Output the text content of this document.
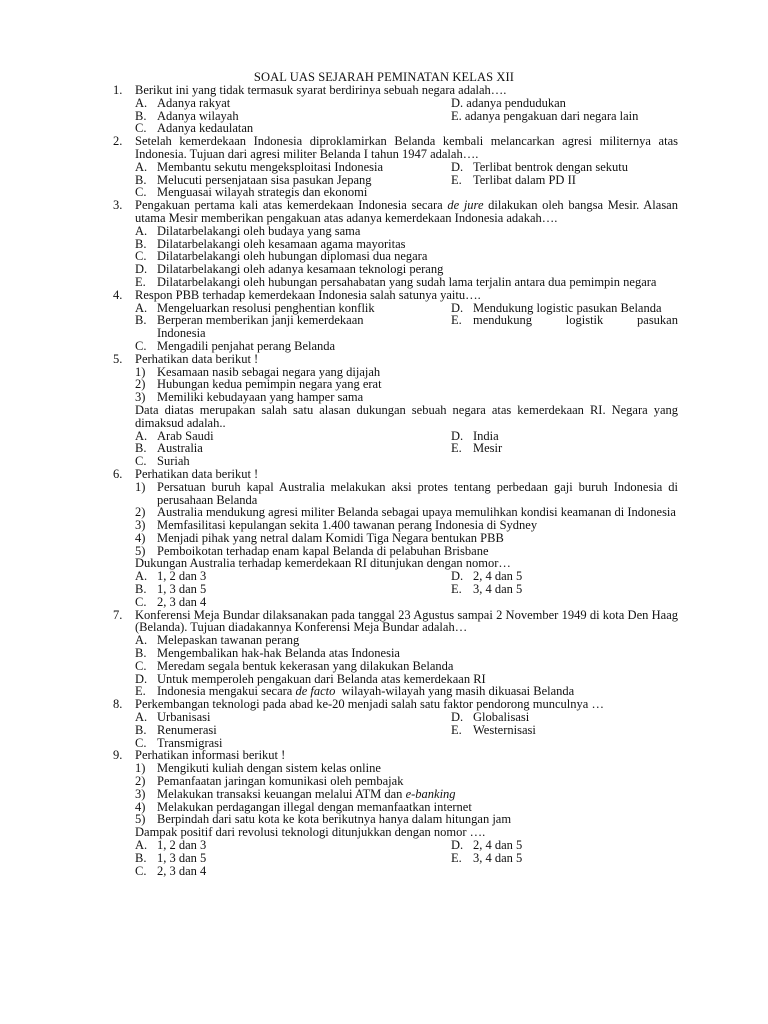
SOAL UAS SEJARAH PEMINATAN KELAS XII
1. Berikut ini yang tidak termasuk syarat berdirinya sebuah negara adalah….
A. Adanya rakyat	D. adanya pendudukan
B. Adanya wilayah	E. adanya pengakuan dari negara lain
C. Adanya kedaulatan
2. Setelah kemerdekaan Indonesia diproklamirkan Belanda kembali melancarkan agresi militernya atas Indonesia. Tujuan dari agresi militer Belanda I tahun 1947 adalah….
A. Membantu sekutu mengeksploitasi Indonesia	D. Terlibat bentrok dengan sekutu
B. Melucuti persenjataan sisa pasukan Jepang	E. Terlibat dalam PD II
C. Menguasai wilayah strategis dan ekonomi
3. Pengakuan pertama kali atas kemerdekaan Indonesia secara de jure dilakukan oleh bangsa Mesir. Alasan utama Mesir memberikan pengakuan atas adanya kemerdekaan Indonesia adakah….
A. Dilatarbelakangi oleh budaya yang sama
B. Dilatarbelakangi oleh kesamaan agama mayoritas
C. Dilatarbelakangi oleh hubungan diplomasi dua negara
D. Dilatarbelakangi oleh adanya kesamaan teknologi perang
E. Dilatarbelakangi oleh hubungan persahabatan yang sudah lama terjalin antara dua pemimpin negara
4. Respon PBB terhadap kemerdekaan Indonesia salah satunya yaitu….
A. Mengeluarkan resolusi penghentian konflik	D. Mendukung logistic pasukan Belanda
B. Berperan memberikan janji kemerdekaan	E. mendukung	logistik	pasukan
Indonesia
C. Mengadili penjahat perang Belanda
5. Perhatikan data berikut !
1) Kesamaan nasib sebagai negara yang dijajah
2) Hubungan kedua pemimpin negara yang erat
3) Memiliki kebudayaan yang hamper sama
Data diatas merupakan salah satu alasan dukungan sebuah negara atas kemerdekaan RI. Negara yang dimaksud adalah..
A. Arab Saudi	D. India
B. Australia	E. Mesir
C. Suriah
6. Perhatikan data berikut !
1) Persatuan buruh kapal Australia melakukan aksi protes tentang perbedaan gaji buruh Indonesia di perusahaan Belanda
2) Australia mendukung agresi militer Belanda sebagai upaya memulihkan kondisi keamanan di Indonesia
3) Memfasilitasi kepulangan sekita 1.400 tawanan perang Indonesia di Sydney
4) Menjadi pihak yang netral dalam Komidi Tiga Negara bentukan PBB
5) Pemboikotan terhadap enam kapal Belanda di pelabuhan Brisbane
Dukungan Australia terhadap kemerdekaan RI ditunjukan dengan nomor…
A. 1, 2 dan 3	D. 2, 4 dan 5
B. 1, 3 dan 5	E. 3, 4 dan 5
C. 2, 3 dan 4
7. Konferensi Meja Bundar dilaksanakan pada tanggal 23 Agustus sampai 2 November 1949 di kota Den Haag (Belanda). Tujuan diadakannya Konferensi Meja Bundar adalah…
A. Melepaskan tawanan perang
B. Mengembalikan hak-hak Belanda atas Indonesia
C. Meredam segala bentuk kekerasan yang dilakukan Belanda
D. Untuk memperoleh pengakuan dari Belanda atas kemerdekaan RI
E. Indonesia mengakui secara de facto  wilayah-wilayah yang masih dikuasai Belanda
8. Perkembangan teknologi pada abad ke-20 menjadi salah satu faktor pendorong munculnya …
A. Urbanisasi	D. Globalisasi
B. Renumerasi	E. Westernisasi
C. Transmigrasi
9. Perhatikan informasi berikut !
1) Mengikuti kuliah dengan sistem kelas online
2) Pemanfaatan jaringan komunikasi oleh pembajak
3) Melakukan transaksi keuangan melalui ATM dan e-banking
4) Melakukan perdagangan illegal dengan memanfaatkan internet
5) Berpindah dari satu kota ke kota berikutnya hanya dalam hitungan jam
Dampak positif dari revolusi teknologi ditunjukkan dengan nomor ….
A. 1, 2 dan 3	D. 2, 4 dan 5
B. 1, 3 dan 5	E. 3, 4 dan 5
C. 2, 3 dan 4
